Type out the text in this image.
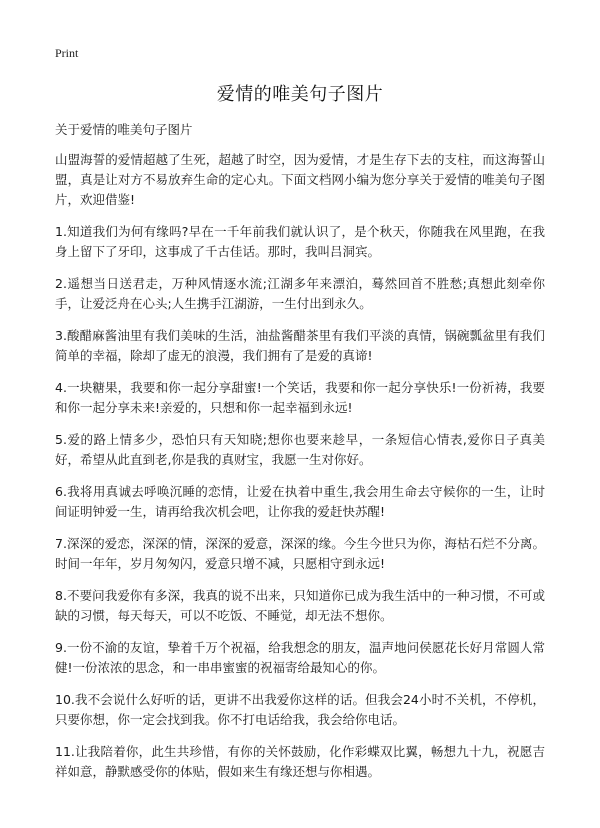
Print
爱情的唯美句子图片

关于爱情的唯美句子图片

山盟海誓的爱情超越了生死，超越了时空，因为爱情，才是生存下去的支柱，而这海誓山盟，真是让对方不易放弃生命的定心丸。下面文档网小编为您分享关于爱情的唯美句子图片，欢迎借鉴!

1.知道我们为何有缘吗?早在一千年前我们就认识了，是个秋天，你随我在风里跑，在我身上留下了牙印，这事成了千古佳话。那时，我叫吕洞宾。

2.遥想当日送君走，万种风情逐水流;江湖多年来漂泊，蓦然回首不胜愁;真想此刻牵你手，让爱泛舟在心头;人生携手江湖游，一生付出到永久。

3.酸醋麻酱油里有我们美味的生活，油盐酱醋茶里有我们平淡的真情，锅碗瓢盆里有我们简单的幸福，除却了虚无的浪漫，我们拥有了是爱的真谛!

4.一块糖果，我要和你一起分享甜蜜!一个笑话，我要和你一起分享快乐!一份祈祷，我要和你一起分享未来!亲爱的，只想和你一起幸福到永远!

5.爱的路上情多少，恐怕只有天知晓;想你也要来趁早，一条短信心情表,爱你日子真美好，希望从此直到老,你是我的真财宝，我愿一生对你好。

6.我将用真诚去呼唤沉睡的恋情，让爱在执着中重生,我会用生命去守候你的一生，让时间证明钟爱一生，请再给我次机会吧，让你我的爱赶快苏醒!

7.深深的爱恋，深深的情，深深的爱意，深深的缘。今生今世只为你，海枯石烂不分离。时间一年年，岁月匆匆闪，爱意只增不减，只愿相守到永远!

8.不要问我爱你有多深，我真的说不出来，只知道你已成为我生活中的一种习惯，不可或缺的习惯，每天每天，可以不吃饭、不睡觉，却无法不想你。

9.一份不渝的友谊，挚着千万个祝福，给我想念的朋友，温声地问侯愿花长好月常圆人常健!一份浓浓的思念，和一串串蜜蜜的祝福寄给最知心的你。

10.我不会说什么好听的话，更讲不出我爱你这样的话。但我会24小时不关机，不停机，只要你想，你一定会找到我。你不打电话给我，我会给你电话。

11.让我陪着你，此生共珍惜，有你的关怀鼓励，化作彩蝶双比翼，畅想九十九，祝愿吉祥如意，静默感受你的体贴，假如来生有缘还想与你相遇。
